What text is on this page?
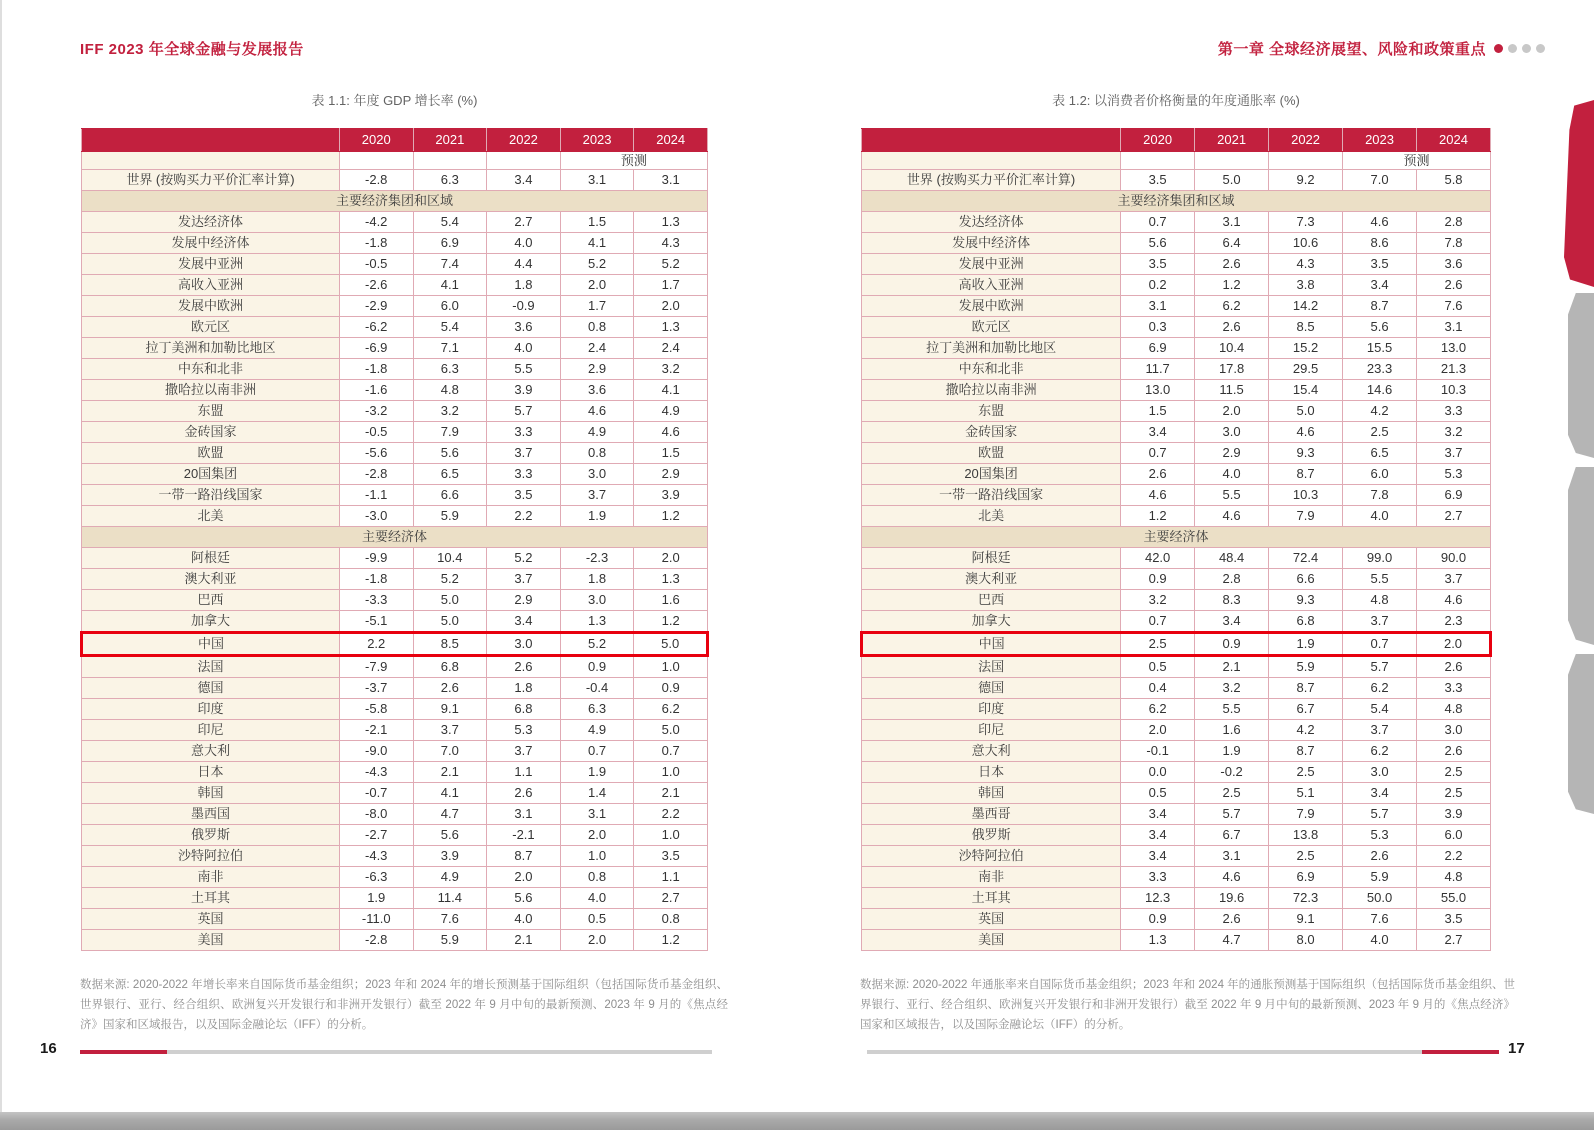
IFF 2023 年全球金融与发展报告	第一章 全球经济展望、风险和政策重点
表 1.1: 年度 GDP 增长率 (%)
	2020	2021	2022	2023	2024
				预测	
世界 (按购买力平价汇率计算)	-2.8	6.3	3.4	3.1	3.1
主要经济集团和区域					
发达经济体	-4.2	5.4	2.7	1.5	1.3
发展中经济体	-1.8	6.9	4.0	4.1	4.3
发展中亚洲	-0.5	7.4	4.4	5.2	5.2
高收入亚洲	-2.6	4.1	1.8	2.0	1.7
发展中欧洲	-2.9	6.0	-0.9	1.7	2.0
欧元区	-6.2	5.4	3.6	0.8	1.3
拉丁美洲和加勒比地区	-6.9	7.1	4.0	2.4	2.4
中东和北非	-1.8	6.3	5.5	2.9	3.2
撒哈拉以南非洲	-1.6	4.8	3.9	3.6	4.1
东盟	-3.2	3.2	5.7	4.6	4.9
金砖国家	-0.5	7.9	3.3	4.9	4.6
欧盟	-5.6	5.6	3.7	0.8	1.5
20国集团	-2.8	6.5	3.3	3.0	2.9
一带一路沿线国家	-1.1	6.6	3.5	3.7	3.9
北美	-3.0	5.9	2.2	1.9	1.2
主要经济体					
阿根廷	-9.9	10.4	5.2	-2.3	2.0
澳大利亚	-1.8	5.2	3.7	1.8	1.3
巴西	-3.3	5.0	2.9	3.0	1.6
加拿大	-5.1	5.0	3.4	1.3	1.2
中国	2.2	8.5	3.0	5.2	5.0
法国	-7.9	6.8	2.6	0.9	1.0
德国	-3.7	2.6	1.8	-0.4	0.9
印度	-5.8	9.1	6.8	6.3	6.2
印尼	-2.1	3.7	5.3	4.9	5.0
意大利	-9.0	7.0	3.7	0.7	0.7
日本	-4.3	2.1	1.1	1.9	1.0
韩国	-0.7	4.1	2.6	1.4	2.1
墨西国	-8.0	4.7	3.1	3.1	2.2
俄罗斯	-2.7	5.6	-2.1	2.0	1.0
沙特阿拉伯	-4.3	3.9	8.7	1.0	3.5
南非	-6.3	4.9	2.0	0.8	1.1
土耳其	1.9	11.4	5.6	4.0	2.7
英国	-11.0	7.6	4.0	0.5	0.8
美国	-2.8	5.9	2.1	2.0	1.2
表 1.2: 以消费者价格衡量的年度通胀率 (%)
	2020	2021	2022	2023	2024
				预测	
世界 (按购买力平价汇率计算)	3.5	5.0	9.2	7.0	5.8
主要经济集团和区域					
发达经济体	0.7	3.1	7.3	4.6	2.8
发展中经济体	5.6	6.4	10.6	8.6	7.8
发展中亚洲	3.5	2.6	4.3	3.5	3.6
高收入亚洲	0.2	1.2	3.8	3.4	2.6
发展中欧洲	3.1	6.2	14.2	8.7	7.6
欧元区	0.3	2.6	8.5	5.6	3.1
拉丁美洲和加勒比地区	6.9	10.4	15.2	15.5	13.0
中东和北非	11.7	17.8	29.5	23.3	21.3
撒哈拉以南非洲	13.0	11.5	15.4	14.6	10.3
东盟	1.5	2.0	5.0	4.2	3.3
金砖国家	3.4	3.0	4.6	2.5	3.2
欧盟	0.7	2.9	9.3	6.5	3.7
20国集团	2.6	4.0	8.7	6.0	5.3
一带一路沿线国家	4.6	5.5	10.3	7.8	6.9
北美	1.2	4.6	7.9	4.0	2.7
主要经济体					
阿根廷	42.0	48.4	72.4	99.0	90.0
澳大利亚	0.9	2.8	6.6	5.5	3.7
巴西	3.2	8.3	9.3	4.8	4.6
加拿大	0.7	3.4	6.8	3.7	2.3
中国	2.5	0.9	1.9	0.7	2.0
法国	0.5	2.1	5.9	5.7	2.6
德国	0.4	3.2	8.7	6.2	3.3
印度	6.2	5.5	6.7	5.4	4.8
印尼	2.0	1.6	4.2	3.7	3.0
意大利	-0.1	1.9	8.7	6.2	2.6
日本	0.0	-0.2	2.5	3.0	2.5
韩国	0.5	2.5	5.1	3.4	2.5
墨西哥	3.4	5.7	7.9	5.7	3.9
俄罗斯	3.4	6.7	13.8	5.3	6.0
沙特阿拉伯	3.4	3.1	2.5	2.6	2.2
南非	3.3	4.6	6.9	5.9	4.8
土耳其	12.3	19.6	72.3	50.0	55.0
英国	0.9	2.6	9.1	7.6	3.5
美国	1.3	4.7	8.0	4.0	2.7
数据来源: 2020-2022 年增长率来自国际货币基金组织；2023 年和 2024 年的增长预测基于国际组织（包括国际货币基金组织、世界银行、亚行、经合组织、欧洲复兴开发银行和非洲开发银行）截至 2022 年 9 月中旬的最新预测、2023 年 9 月的《焦点经济》国家和区域报告，以及国际金融论坛（IFF）的分析。
数据来源: 2020-2022 年通胀率来自国际货币基金组织；2023 年和 2024 年的通胀预测基于国际组织（包括国际货币基金组织、世界银行、亚行、经合组织、欧洲复兴开发银行和非洲开发银行）截至 2022 年 9 月中旬的最新预测、2023 年 9 月的《焦点经济》国家和区域报告，以及国际金融论坛（IFF）的分析。
16	17
